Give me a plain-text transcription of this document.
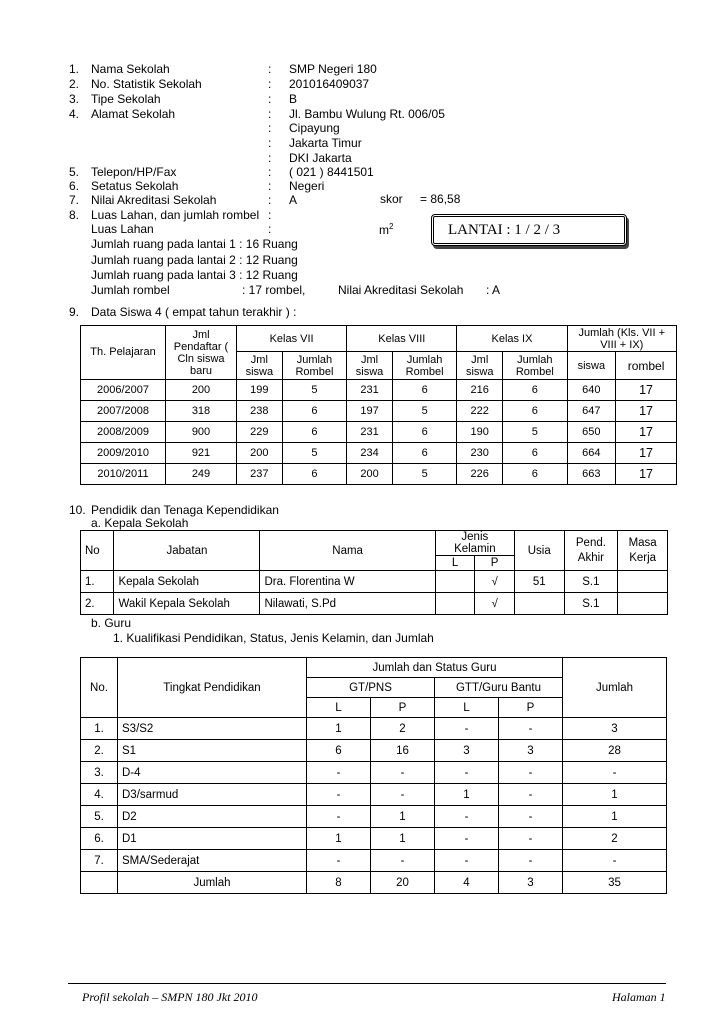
1. Nama Sekolah	: SMP Negeri 180
2. No. Statistik Sekolah	: 201016409037
3. Tipe Sekolah	: B
4. Alamat Sekolah	: Jl. Bambu Wulung Rt. 006/05
: Cipayung
: Jakarta Timur
: DKI Jakarta
5. Telepon/HP/Fax	: ( 021 ) 8441501
6. Setatus Sekolah	: Negeri
7. Nilai Akreditasi Sekolah	: A
8. Luas Lahan, dan jumlah rombel :
Luas Lahan	:
skor = 86,58
$m^2$	LANTAI : 1 / 2 / 3
Jumlah ruang pada lantai 1 : 16 Ruang
Jumlah ruang pada lantai 2 : 12 Ruang
Jumlah ruang pada lantai 3 : 12 Ruang
Jumlah rombel	: 17 rombel,	Nilai Akreditasi Sekolah : A
9. Data Siswa 4 ( empat tahun terakhir ) :
Th. Pelajaran	Jml Pendaftar ( Cln siswa baru	Kelas VII		Kelas VIII		Kelas IX		Jumlah (Kls. VII + VIII + IX)	
		Jml siswa	Jumlah Rombel	Jml siswa	Jumlah Rombel	Jml siswa	Jumlah Rombel	siswa	rombel
2006/2007	200	199	5	231	6	216	6	640	17
2007/2008	318	238	6	197	5	222	6	647	17
2008/2009	900	229	6	231	6	190	5	650	17
2009/2010	921	200	5	234	6	230	6	664	17
2010/2011	249	237	6	200	5	226	6	663	17
10. Pendidik dan Tenaga Kependidikan
a. Kepala Sekolah
No	Jabatan	Nama	Jenis Kelamin		Usia	Pend. Akhir	Masa Kerja
			L	P			
1.	Kepala Sekolah	Dra. Florentina W		√	51	S.1	
2.	Wakil Kepala Sekolah	Nilawati, S.Pd		√		S.1	
b. Guru
1. Kualifikasi Pendidikan, Status, Jenis Kelamin, dan Jumlah
No.	Tingkat Pendidikan	Jumlah dan Status Guru				Jumlah
		GT/PNS		GTT/Guru Bantu		
		L	P	L	P	
1.	S3/S2	1	2	-	-	3
2.	S1	6	16	3	3	28
3.	D-4	-	-	-	-	-
4.	D3/sarmud	-	-	1	-	1
5.	D2	-	1	-	-	1
6.	D1	1	1	-	-	2
7.	SMA/Sederajat	-	-	-	-	-
	Jumlah	8	20	4	3	35
Profil sekolah – SMPN 180 Jkt 2010	Halaman 1
